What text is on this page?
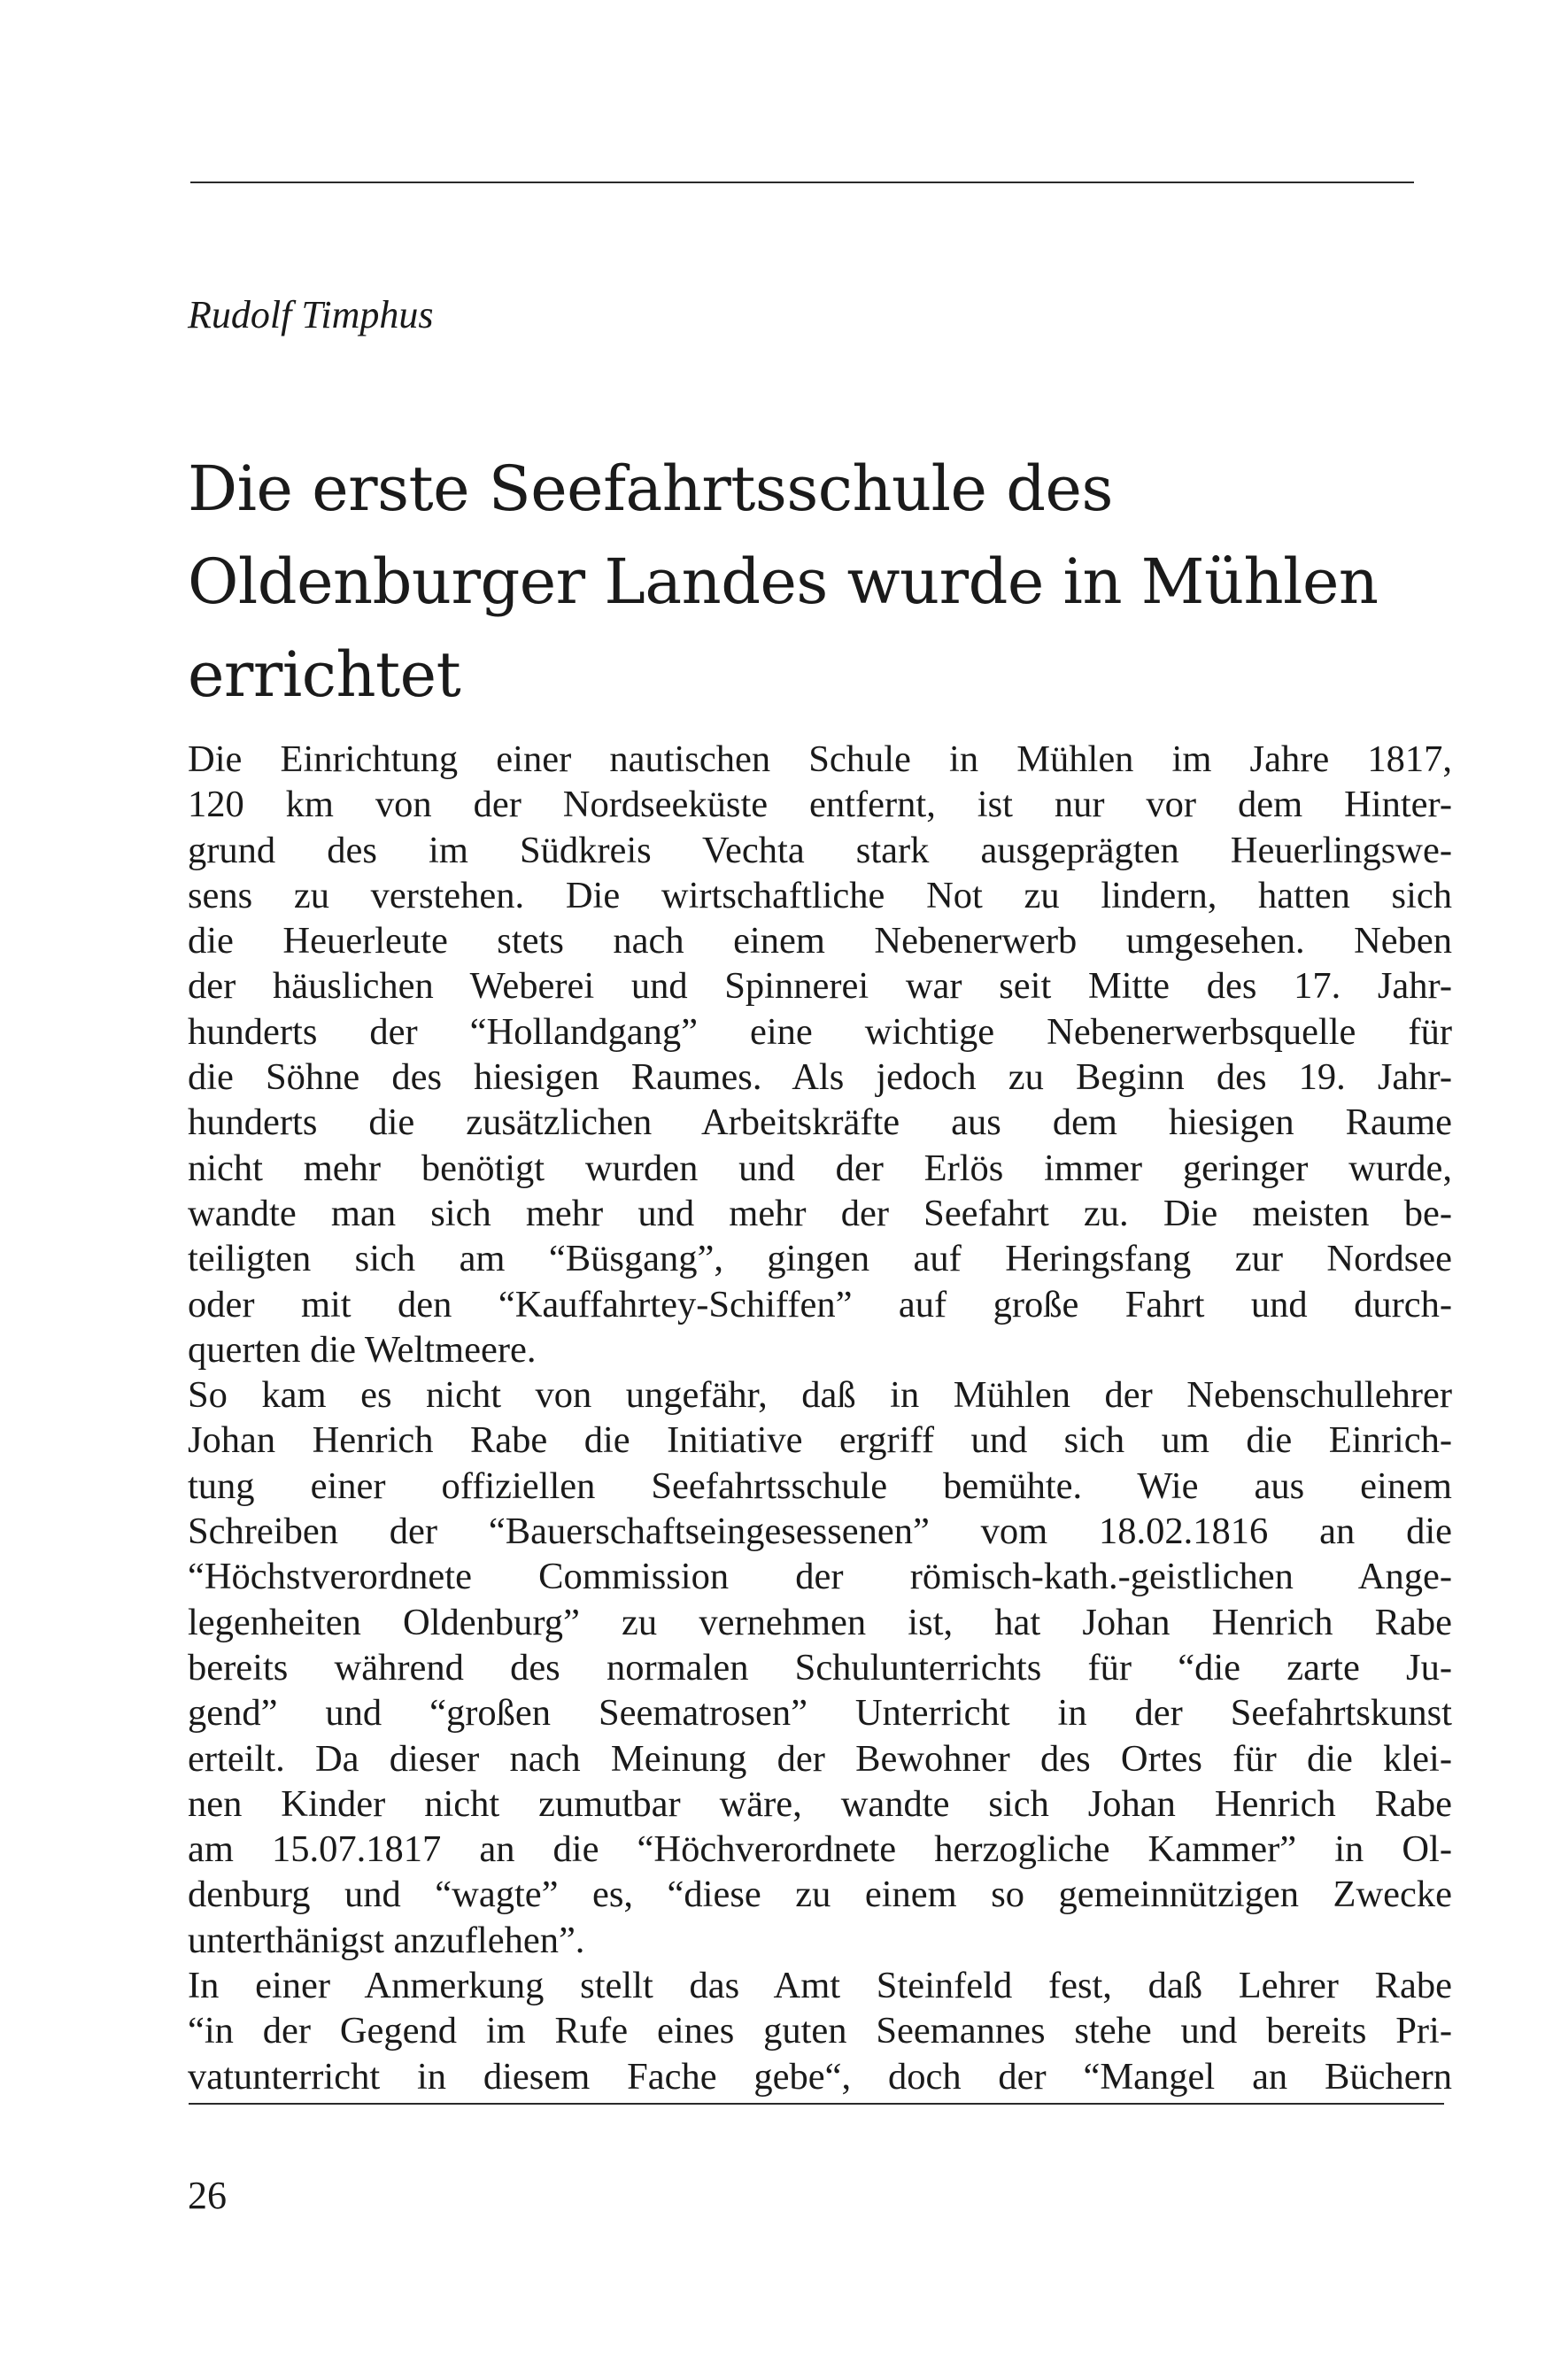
Rudolf Timphus

Die erste Seefahrtsschule des
Oldenburger Landes wurde in Mühlen
errichtet
Die Einrichtung einer nautischen Schule in Mühlen im Jahre 1817,
120 km von der Nordseeküste entfernt, ist nur vor dem Hinter-
grund des im Südkreis Vechta stark ausgeprägten Heuerlingswe-
sens zu verstehen. Die wirtschaftliche Not zu lindern, hatten sich
die Heuerleute stets nach einem Nebenerwerb umgesehen. Neben
der häuslichen Weberei und Spinnerei war seit Mitte des 17. Jahr-
hunderts der “Hollandgang” eine wichtige Nebenerwerbsquelle für
die Söhne des hiesigen Raumes. Als jedoch zu Beginn des 19. Jahr-
hunderts die zusätzlichen Arbeitskräfte aus dem hiesigen Raume
nicht mehr benötigt wurden und der Erlös immer geringer wurde,
wandte man sich mehr und mehr der Seefahrt zu. Die meisten be-
teiligten sich am “Büsgang”, gingen auf Heringsfang zur Nordsee
oder mit den “Kauffahrtey-Schiffen” auf große Fahrt und durch-
querten die Weltmeere.
So kam es nicht von ungefähr, daß in Mühlen der Nebenschullehrer
Johan Henrich Rabe die Initiative ergriff und sich um die Einrich-
tung einer offiziellen Seefahrtsschule bemühte. Wie aus einem
Schreiben der “Bauerschaftseingesessenen” vom 18.02.1816 an die
“Höchstverordnete Commission der römisch-kath.-geistlichen Ange-
legenheiten Oldenburg” zu vernehmen ist, hat Johan Henrich Rabe
bereits während des normalen Schulunterrichts für “die zarte Ju-
gend” und “großen Seematrosen” Unterricht in der Seefahrtskunst
erteilt. Da dieser nach Meinung der Bewohner des Ortes für die klei-
nen Kinder nicht zumutbar wäre, wandte sich Johan Henrich Rabe
am 15.07.1817 an die “Höchverordnete herzogliche Kammer” in Ol-
denburg und “wagte” es, “diese zu einem so gemeinnützigen Zwecke
unterthänigst anzuflehen”.
In einer Anmerkung stellt das Amt Steinfeld fest, daß Lehrer Rabe
“in der Gegend im Rufe eines guten Seemannes stehe und bereits Pri-
vatunterricht in diesem Fache gebe“, doch der “Mangel an Büchern

26
